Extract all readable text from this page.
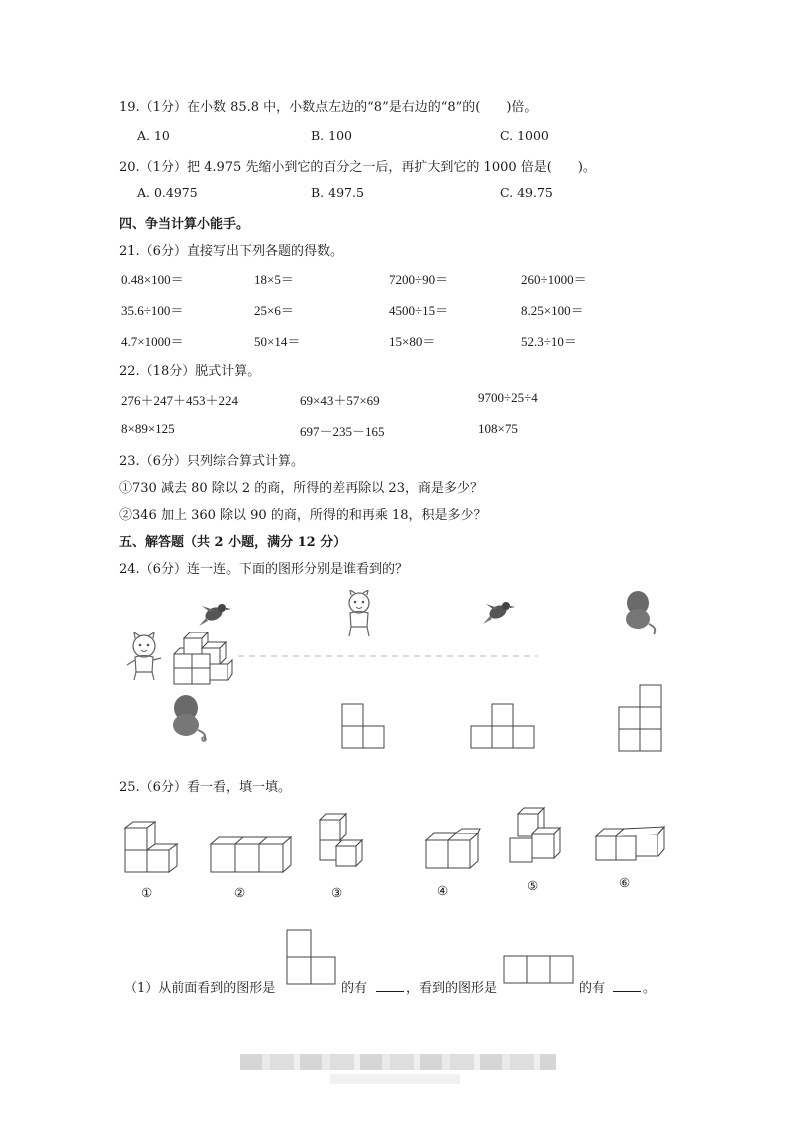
19.（1分）在小数 85.8 中，小数点左边的“8”是右边的“8”的(　　)倍。
A. 10	B. 100	C. 1000
20.（1分）把 4.975 先缩小到它的百分之一后，再扩大到它的 1000 倍是(　　)。
A. 0.4975	B. 497.5	C. 49.75
四、争当计算小能手。
21.（6分）直接写出下列各题的得数。
0.48×100＝	18×5＝	7200÷90＝	260÷1000＝
35.6÷100＝	25×6＝	4500÷15＝	8.25×100＝
4.7×1000＝	50×14＝	15×80＝	52.3÷10＝
22.（18分）脱式计算。
276＋247＋453＋224	69×43＋57×69	9700÷25÷4
8×89×125	697－235－165	108×75
23.（6分）只列综合算式计算。
①730 减去 80 除以 2 的商，所得的差再除以 23，商是多少？
②346 加上 360 除以 90 的商，所得的和再乘 18，积是多少？
五、解答题（共 2 小题，满分 12 分）
24.（6分）连一连。下面的图形分别是谁看到的？
25.（6分）看一看，填一填。
①	②	③	④	⑤	⑥
（1）从前面看到的图形是	的有	，看到的图形是	的有	。
